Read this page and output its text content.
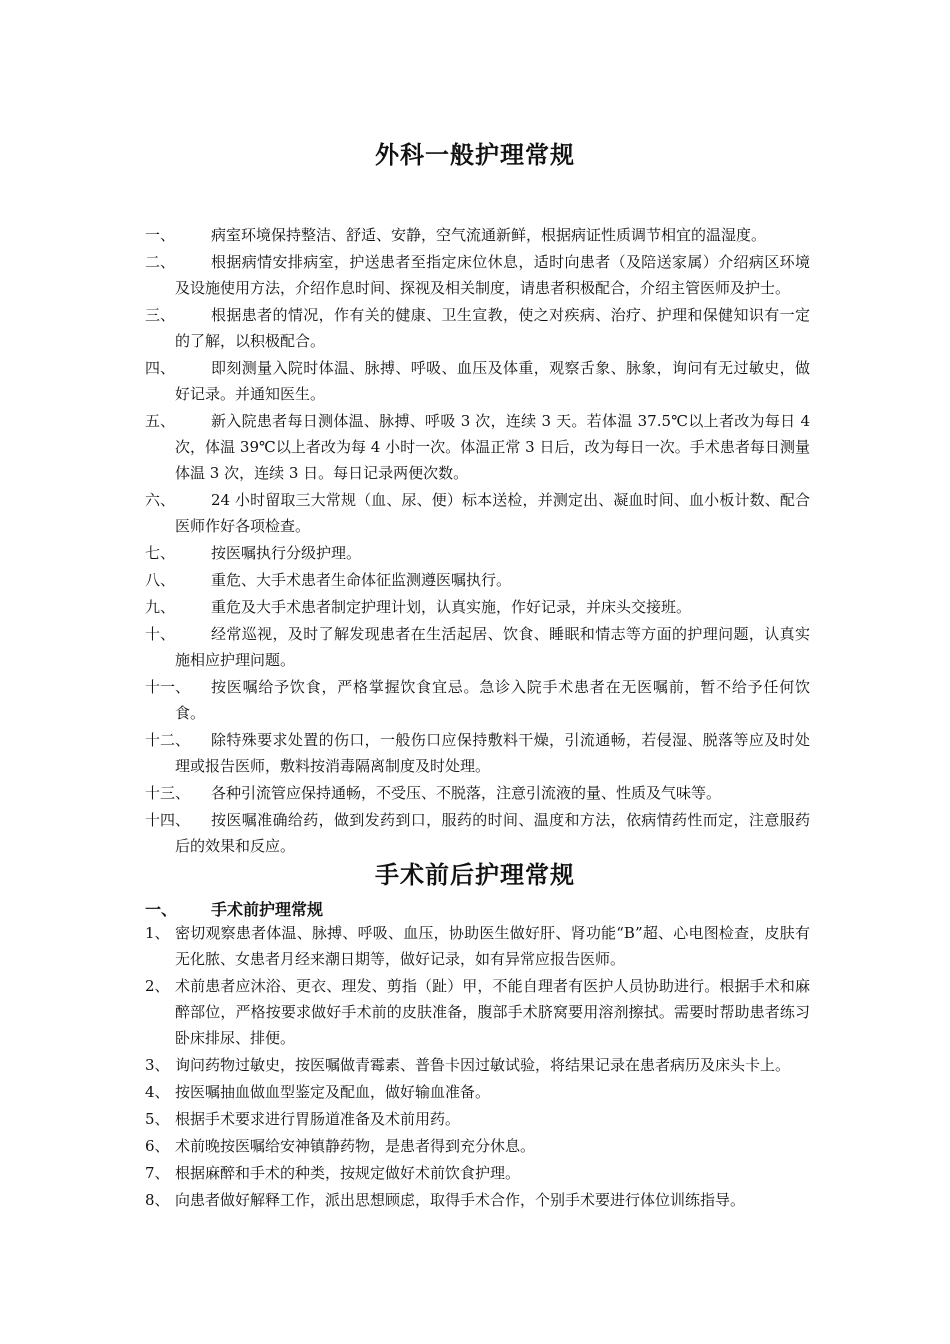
外科一般护理常规
一、	病室环境保持整洁、舒适、安静，空气流通新鲜，根据病证性质调节相宜的温湿度。
二、	根据病情安排病室，护送患者至指定床位休息，适时向患者（及陪送家属）介绍病区环境及设施使用方法，介绍作息时间、探视及相关制度，请患者积极配合，介绍主管医师及护士。
三、	根据患者的情况，作有关的健康、卫生宣教，使之对疾病、治疗、护理和保健知识有一定的了解，以积极配合。
四、	即刻测量入院时体温、脉搏、呼吸、血压及体重，观察舌象、脉象，询问有无过敏史，做好记录。并通知医生。
五、	新入院患者每日测体温、脉搏、呼吸 3 次，连续 3 天。若体温 37.5℃以上者改为每日 4 次，体温 39℃以上者改为每 4 小时一次。体温正常 3 日后，改为每日一次。手术患者每日测量体温 3 次，连续 3 日。每日记录两便次数。
六、	24 小时留取三大常规（血、尿、便）标本送检，并测定出、凝血时间、血小板计数、配合医师作好各项检查。
七、	按医嘱执行分级护理。
八、	重危、大手术患者生命体征监测遵医嘱执行。
九、	重危及大手术患者制定护理计划，认真实施，作好记录，并床头交接班。
十、	经常巡视，及时了解发现患者在生活起居、饮食、睡眠和情志等方面的护理问题，认真实施相应护理问题。
十一、	按医嘱给予饮食，严格掌握饮食宜忌。急诊入院手术患者在无医嘱前，暂不给予任何饮食。
十二、	除特殊要求处置的伤口，一般伤口应保持敷料干燥，引流通畅，若侵湿、脱落等应及时处理或报告医师，敷料按消毒隔离制度及时处理。
十三、	各种引流管应保持通畅，不受压、不脱落，注意引流液的量、性质及气味等。
十四、	按医嘱准确给药，做到发药到口，服药的时间、温度和方法，依病情药性而定，注意服药后的效果和反应。
手术前后护理常规
一、 手术前护理常规
1、 密切观察患者体温、脉搏、呼吸、血压，协助医生做好肝、肾功能“B”超、心电图检查，皮肤有无化脓、女患者月经来潮日期等，做好记录，如有异常应报告医师。
2、 术前患者应沐浴、更衣、理发、剪指（趾）甲，不能自理者有医护人员协助进行。根据手术和麻醉部位，严格按要求做好手术前的皮肤准备，腹部手术脐窝要用溶剂擦拭。需要时帮助患者练习卧床排尿、排便。
3、 询问药物过敏史，按医嘱做青霉素、普鲁卡因过敏试验，将结果记录在患者病历及床头卡上。
4、 按医嘱抽血做血型鉴定及配血，做好输血准备。
5、 根据手术要求进行胃肠道准备及术前用药。
6、 术前晚按医嘱给安神镇静药物，是患者得到充分休息。
7、 根据麻醉和手术的种类，按规定做好术前饮食护理。
8、 向患者做好解释工作，派出思想顾虑，取得手术合作，个别手术要进行体位训练指导。
